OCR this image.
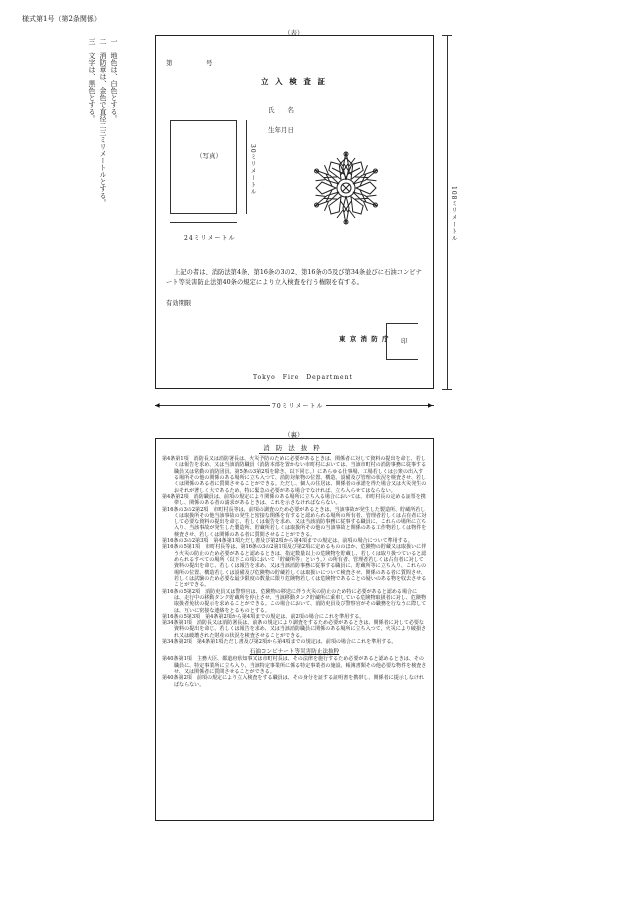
様式第1号（第2条関係）
一　地色は、白色とする。
二　消防章は、金色で直径二三ミリメートルとする。
三　文字は、黒色とする。
（表）
第	号
立 入 検 査 証
氏　　名
生年月日
（写真）	30ミリメートル
24ミリメートル

上記の者は、消防法第4条、第16条の3の2、第16条の5及び第34条並びに石油コンビナート等災害防止法第40条の規定により立入検査を行う権限を有する。

有効期限
東 京 消 防 庁 印
Tokyo　Fire　Department
108ミリメートル
◀	▶
70ミリメートル
（裏）
消防法抜粋

第4条第1項　消防長又は消防署長は、火災予防のために必要があるときは、関係者に対して資料の提出を命じ、若しくは報告を求め、又は当該消防職員（消防本部を置かない市町村においては、当該市町村の消防事務に従事する職員又は常勤の消防団員。第5条の3第2項を除き、以下同じ。）にあらゆる仕事場、工場若しくは公衆の出入する場所その他の関係のある場所に立ち入つて、消防対象物の位置、構造、設備及び管理の状況を検査させ、若しくは関係のある者に質問させることができる。ただし、個人の住居は、関係者の承諾を得た場合又は火災発生のおそれが著しく大であるため、特に緊急の必要がある場合でなければ、立ち入らせてはならない。

第4条第2項　消防職員は、前項の規定により関係のある場所に立ち入る場合においては、市町村長の定める証票を携帯し、関係のある者の請求があるときは、これを示さなければならない。

第16条の3の2第2項　市町村長等は、前項の調査のため必要があるときは、当該事故が発生した製造所、貯蔵所若しくは取扱所その他当該事故の発生と密接な関係を有すると認められる場所の所有者、管理者若しくは占有者に対して必要な資料の提出を命じ、若しくは報告を求め、又は当該消防事務に従事する職員に、これらの場所に立ち入り、当該事故が発生した製造所、貯蔵所若しくは取扱所その他の当該事故と関係のある工作物若しくは物件を検査させ、若しくは関係のある者に質問させることができる。

第16条の3の2第3項　第4条第1項ただし書及び第2項から第4項までの規定は、前項の場合について準用する。

第16条の5第1項　市町村長等は、第16条の3の2第1項及び第2項に定めるもののほか、危険物の貯蔵又は取扱いに伴う火災の防止のため必要があると認めるときは、指定数量以上の危険物を貯蔵し、若しくは取り扱つていると認められるすべての場所（以下この項において「貯蔵所等」という。）の所有者、管理者若しくは占有者に対して資料の提出を命じ、若しくは報告を求め、又は当該消防事務に従事する職員に、貯蔵所等に立ち入り、これらの場所の位置、構造若しくは設備及び危険物の貯蔵若しくは取扱いについて検査させ、関係のある者に質問させ、若しくは試験のため必要な最少限度の数量に限り危険物若しくは危険物であることの疑いのある物を収去させることができる。

第16条の5第2項　消防吏員又は警察官は、危険物の移送に伴う火災の防止のため特に必要があると認める場合には、走行中の移動タンク貯蔵所を停止させ、当該移動タンク貯蔵所に乗車している危険物取扱者に対し、危険物取扱者免状の提示を求めることができる。この場合において、消防吏員及び警察官がその職務を行なうに際しては、互いに密接な連絡をとるものとする。

第16条の5第3項　第4条第2項から第4項までの規定は、前2項の場合にこれを準用する。

第34条第1項　消防長又は消防署長は、前条の規定により調査をするため必要があるときは、関係者に対して必要な資料の提出を命じ、若しくは報告を求め、又は当該消防職員に関係のある場所に立ち入つて、火災により破損され又は破壊された財産の状況を検査させることができる。

第34条第2項　第4条第1項ただし書及び第2項から第4項までの規定は、前項の場合にこれを準用する。

石油コンビナート等災害防止法抜粋

第40条第1項　主務大臣、都道府県知事又は市町村長は、その法律を施行するため必要があると認めるときは、その職員に、特定事業所に立ち入り、当該特定事業所に係る特定事業者の施設、帳簿書類その他必要な物件を検査させ、又は関係者に質問させることができる。

第40条第2項　前項の規定により立入検査をする職員は、その身分を証する証明書を携帯し、関係者に提示しなければならない。
